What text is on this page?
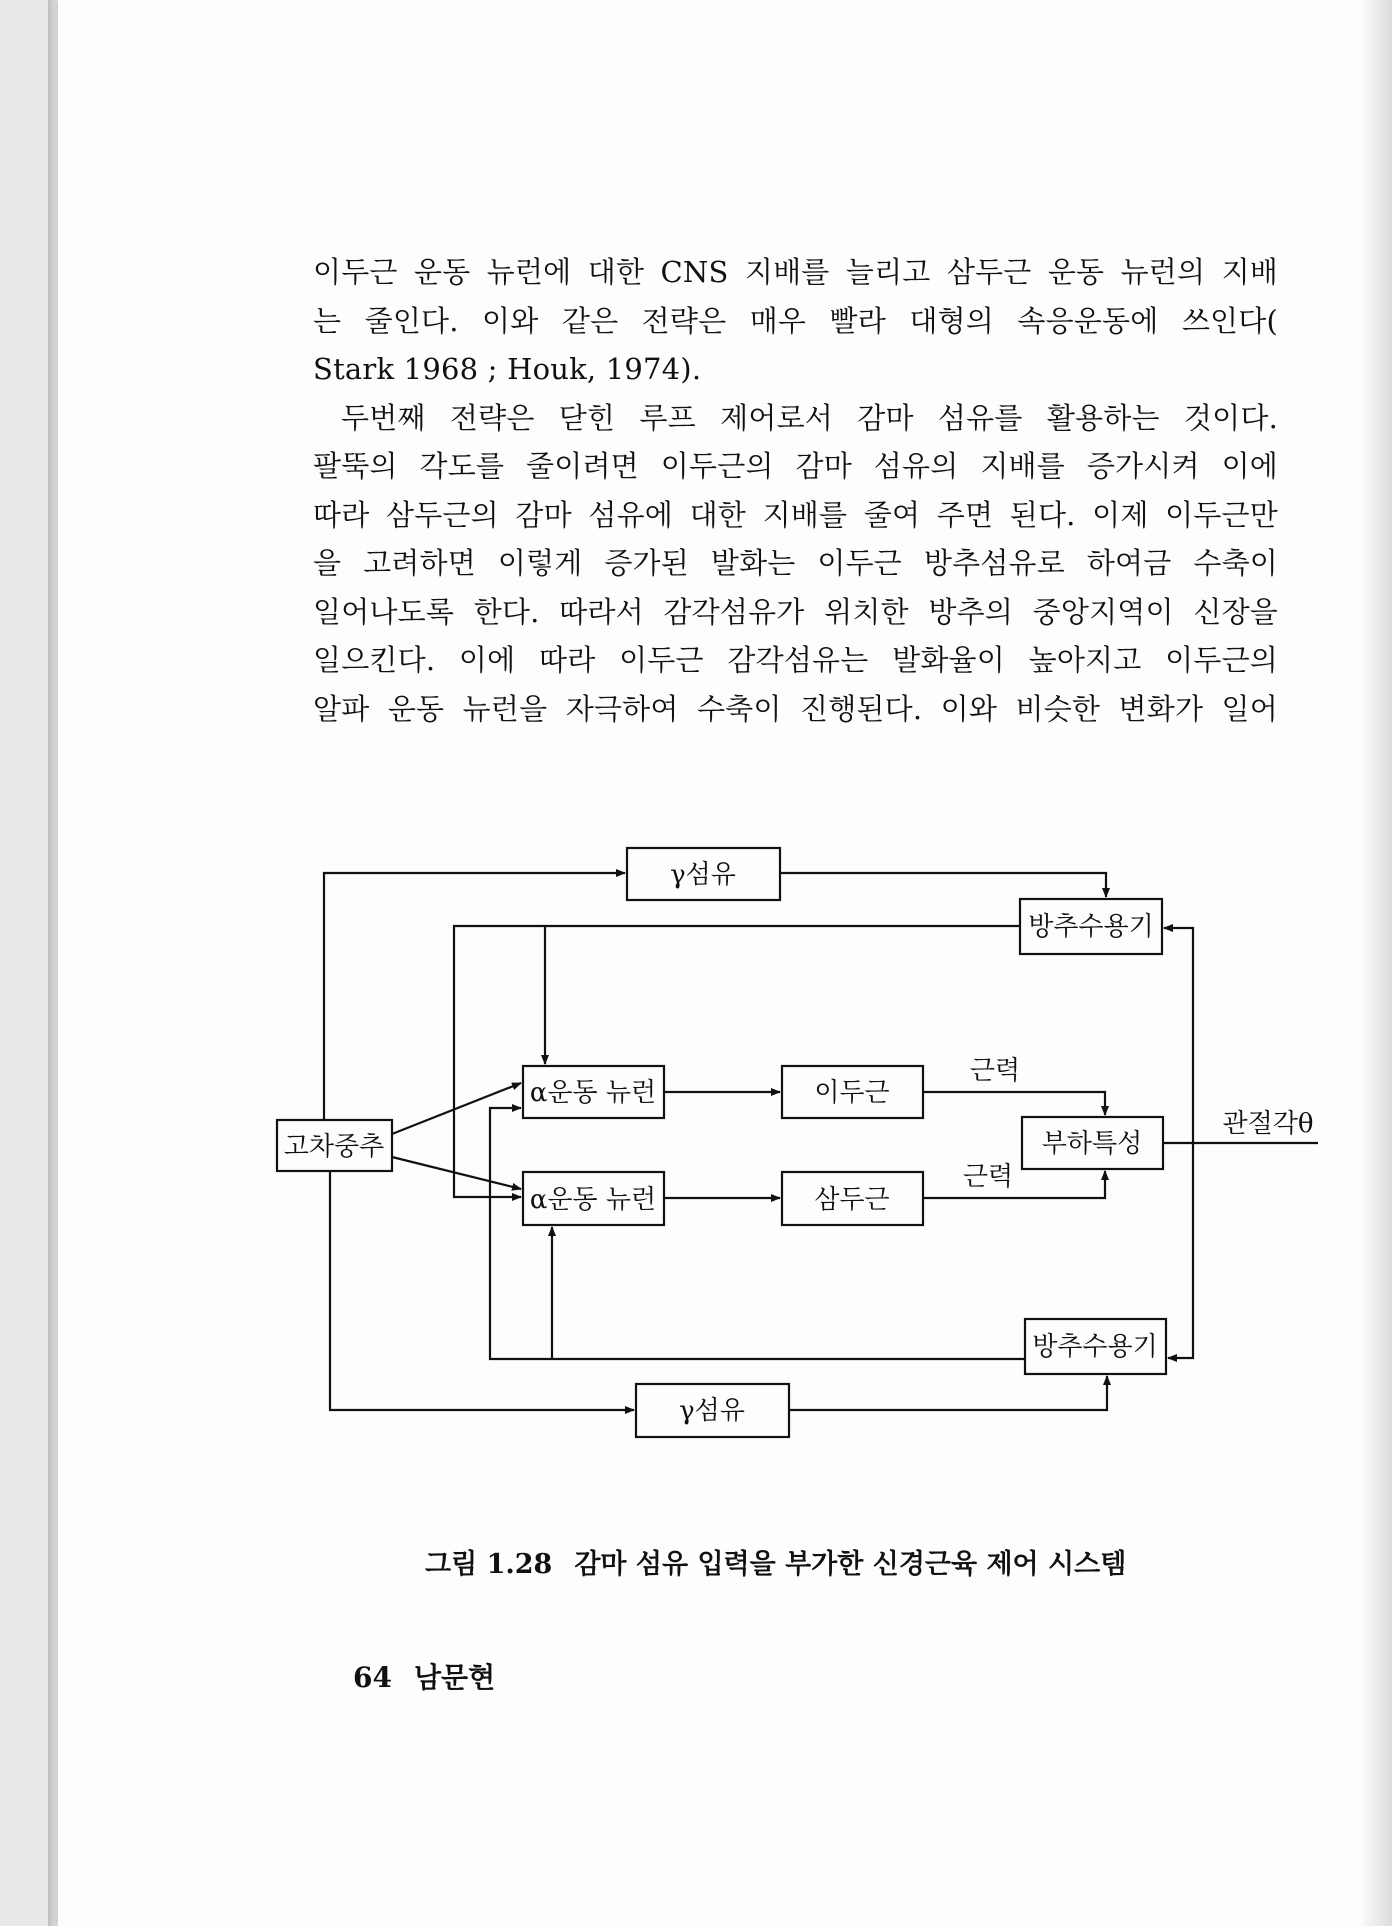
이두근 운동 뉴런에 대한 CNS 지배를 늘리고 삼두근 운동 뉴런의 지배
는 줄인다. 이와 같은 전략은 매우 빨라 대형의 속응운동에 쓰인다(
Stark 1968 ; Houk, 1974).
두번째 전략은 닫힌 루프 제어로서 감마 섬유를 활용하는 것이다.
팔뚝의 각도를 줄이려면 이두근의 감마 섬유의 지배를 증가시켜 이에
따라 삼두근의 감마 섬유에 대한 지배를 줄여 주면 된다. 이제 이두근만
을 고려하면 이렇게 증가된 발화는 이두근 방추섬유로 하여금 수축이
일어나도록 한다. 따라서 감각섬유가 위치한 방추의 중앙지역이 신장을
일으킨다. 이에 따라 이두근 감각섬유는 발화율이 높아지고 이두근의
알파 운동 뉴런을 자극하여 수축이 진행된다. 이와 비슷한 변화가 일어
γ섬유
방추수용기
α운동 뉴런	이두근
부하특성
고차중추
α운동 뉴런	삼두근
방추수용기
γ섬유
근력
근력
관절각θ
그림 1.28 감마 섬유 입력을 부가한 신경근육 제어 시스템
64 남문현
